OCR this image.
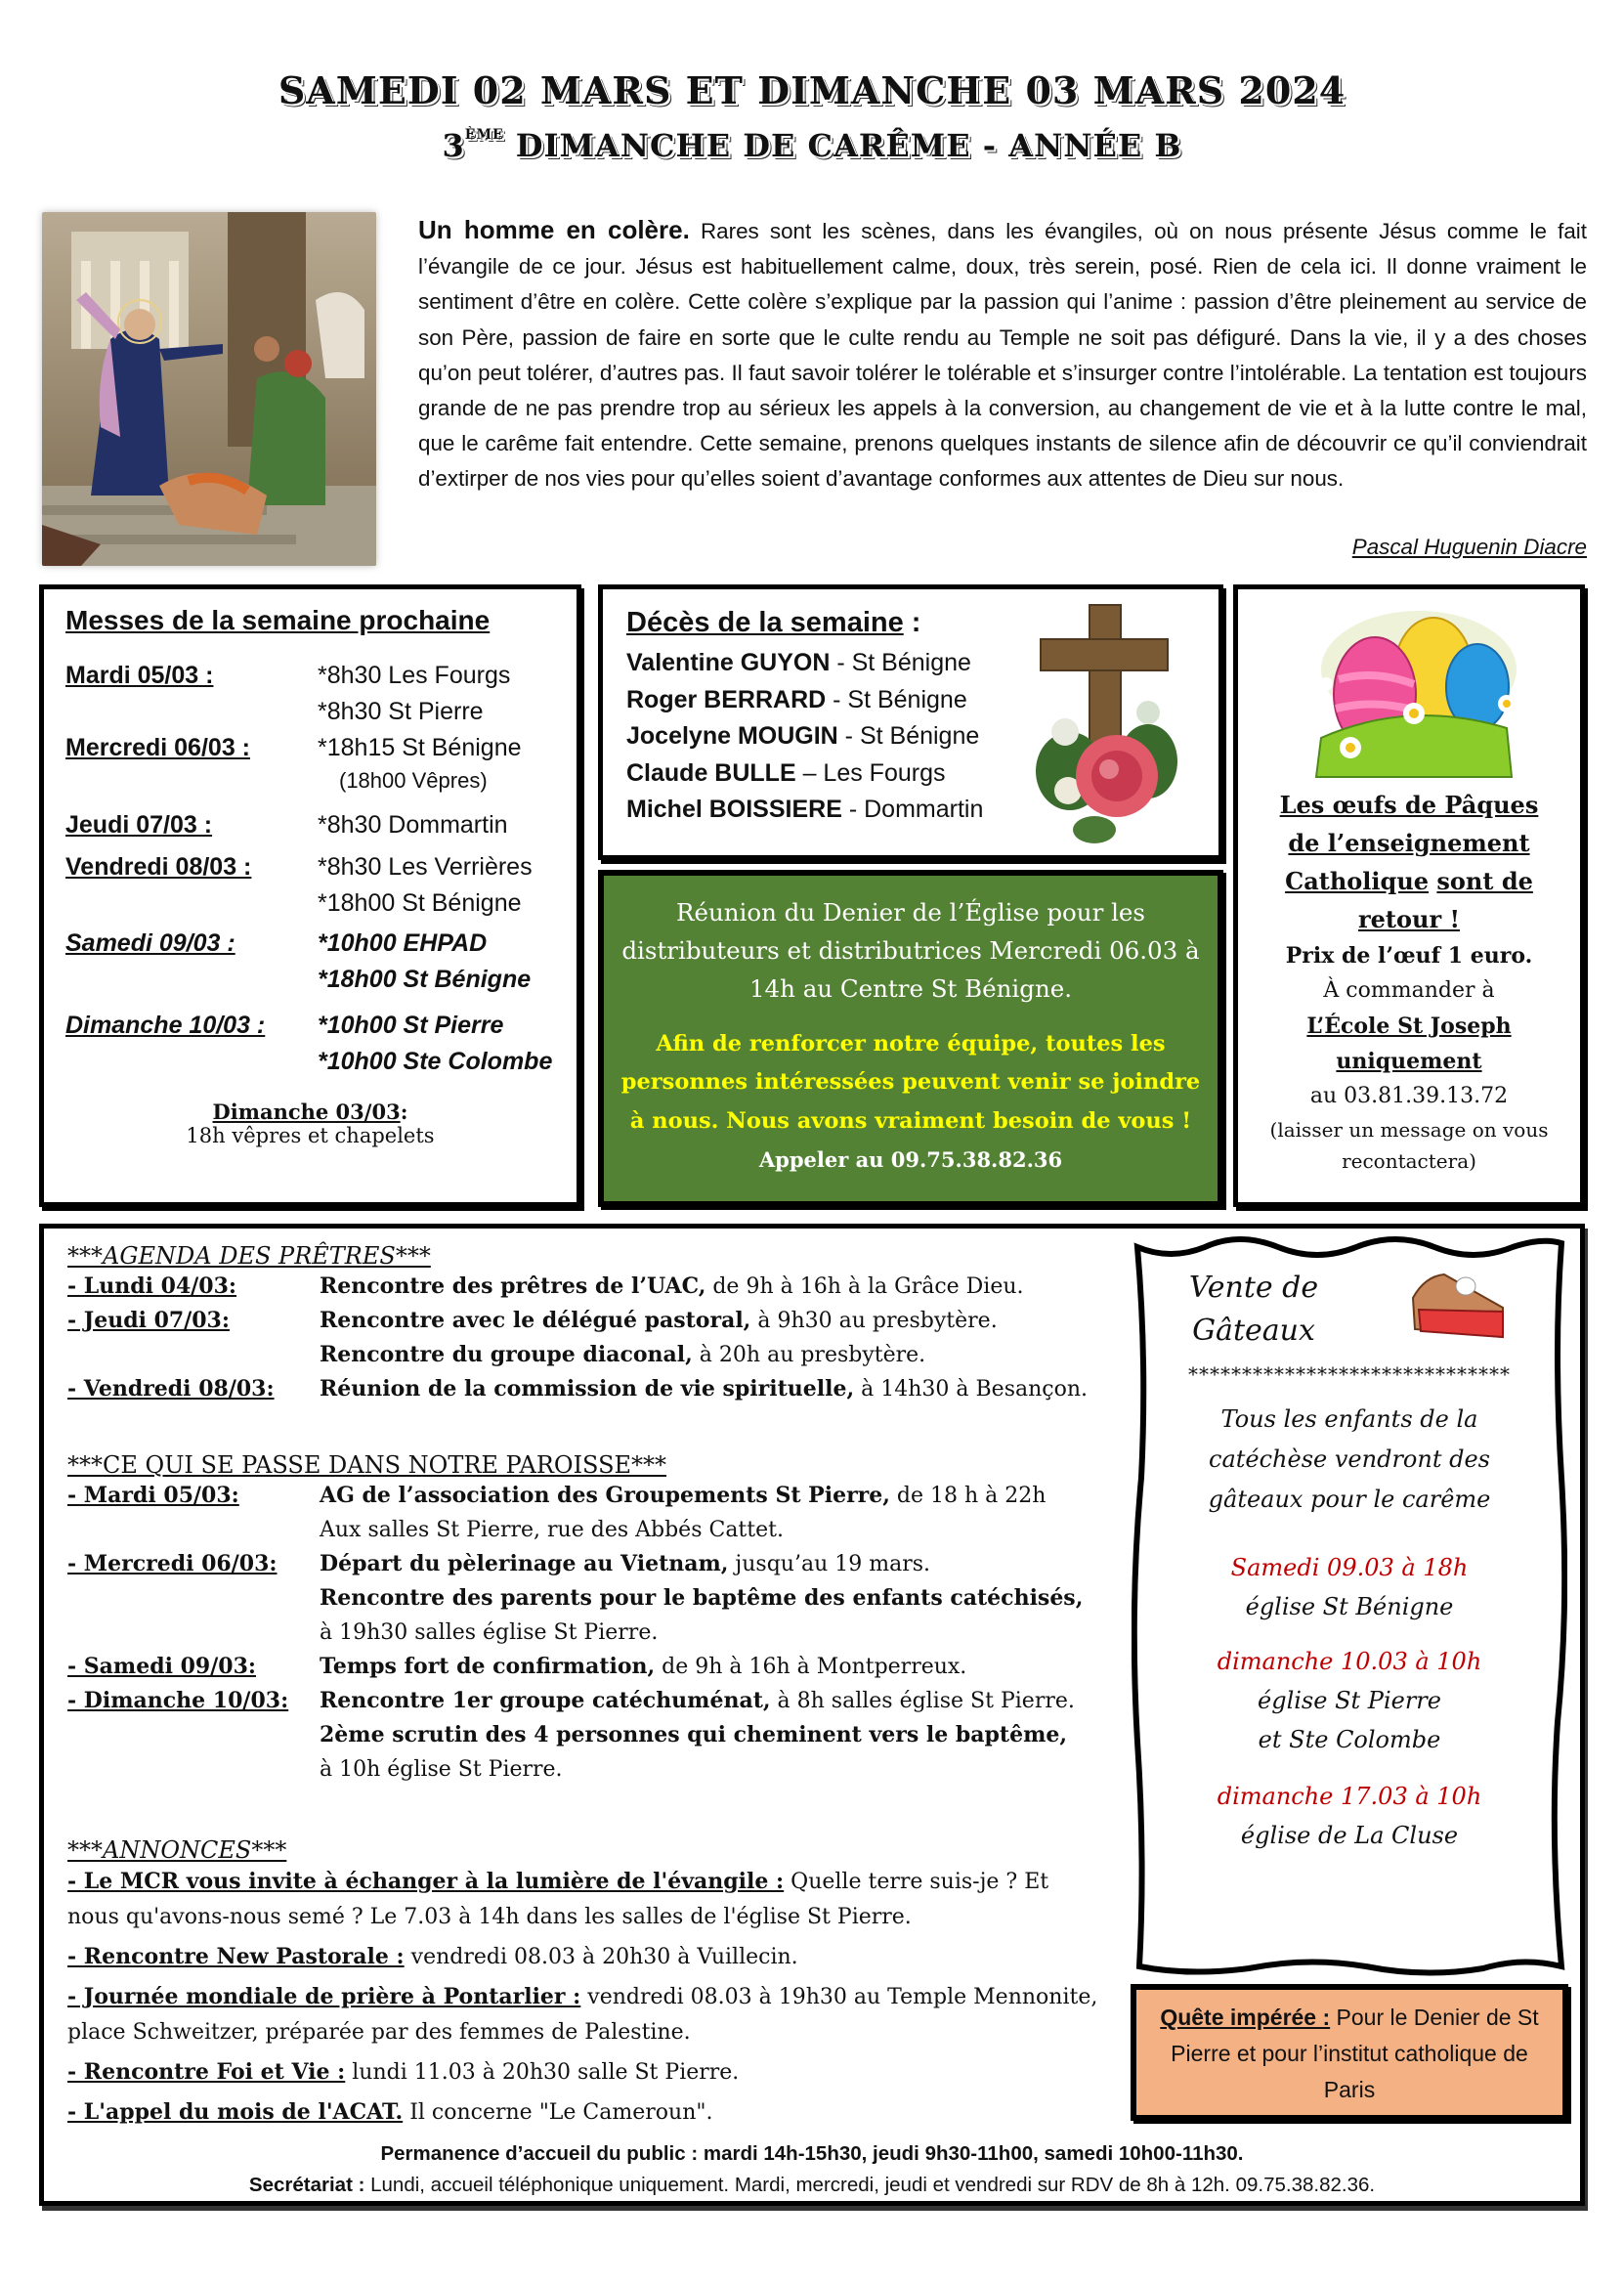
SAMEDI 02 MARS ET DIMANCHE 03 MARS 2024
3ÈME DIMANCHE DE CARÊME - ANNÉE B
Un homme en colère. Rares sont les scènes, dans les évangiles, où on nous présente Jésus comme le fait l’évangile de ce jour. Jésus est habituellement calme, doux, très serein, posé. Rien de cela ici. Il donne vraiment le sentiment d’être en colère. Cette colère s’explique par la passion qui l’anime : passion d’être pleinement au service de son Père, passion de faire en sorte que le culte rendu au Temple ne soit pas défiguré. Dans la vie, il y a des choses qu’on peut tolérer, d’autres pas. Il faut savoir tolérer le tolérable et s’insurger contre l’intolérable. La tentation est toujours grande de ne pas prendre trop au sérieux les appels à la conversion, au changement de vie et à la lutte contre le mal, que le carême fait entendre. Cette semaine, prenons quelques instants de silence afin de découvrir ce qu’il conviendrait d’extirper de nos vies pour qu’elles soient d’avantage conformes aux attentes de Dieu sur nous.
Pascal Huguenin Diacre
Messes de la semaine prochaine
Mardi 05/03 :	*8h30 Les Fourgs
*8h30 St Pierre
Mercredi 06/03 :	*18h15 St Bénigne
(18h00 Vêpres)
Jeudi 07/03 :	*8h30 Dommartin
Vendredi 08/03 :	*8h30 Les Verrières
*18h00 St Bénigne
Samedi 09/03 :	*10h00 EHPAD
*18h00 St Bénigne
Dimanche 10/03 :	*10h00 St Pierre
*10h00 Ste Colombe
Dimanche 03/03:
18h vêpres et chapelets
Décès de la semaine :
Valentine GUYON - St Bénigne
Roger BERRARD - St Bénigne
Jocelyne MOUGIN - St Bénigne
Claude BULLE – Les Fourgs
Michel BOISSIERE - Dommartin
Réunion du Denier de l’Église pour les distributeurs et distributrices Mercredi 06.03 à 14h au Centre St Bénigne.
Afin de renforcer notre équipe, toutes les personnes intéressées peuvent venir se joindre à nous. Nous avons vraiment besoin de vous ! Appeler au 09.75.38.82.36
Les œufs de Pâques
de l’enseignement
Catholique sont de
retour !
Prix de l’œuf 1 euro.
À commander à
L’École St Joseph
uniquement
au 03.81.39.13.72
(laisser un message on vous recontactera)
***AGENDA DES PRÊTRES***
- Lundi 04/03:	Rencontre des prêtres de l’UAC, de 9h à 16h à la Grâce Dieu.
- Jeudi 07/03:	Rencontre avec le délégué pastoral, à 9h30 au presbytère.
Rencontre du groupe diaconal, à 20h au presbytère.
- Vendredi 08/03:	Réunion de la commission de vie spirituelle, à 14h30 à Besançon.
***CE QUI SE PASSE DANS NOTRE PAROISSE***
- Mardi 05/03:	AG de l’association des Groupements St Pierre, de 18 h à 22h
Aux salles St Pierre, rue des Abbés Cattet.
- Mercredi 06/03:	Départ du pèlerinage au Vietnam, jusqu’au 19 mars.
Rencontre des parents pour le baptême des enfants catéchisés,
à 19h30 salles église St Pierre.
- Samedi 09/03:	Temps fort de confirmation, de 9h à 16h à Montperreux.
- Dimanche 10/03:	Rencontre 1er groupe catéchuménat, à 8h salles église St Pierre.
2ème scrutin des 4 personnes qui cheminent vers le baptême,
à 10h église St Pierre.
***ANNONCES***
- Le MCR vous invite à échanger à la lumière de l'évangile : Quelle terre suis-je ? Et nous qu'avons-nous semé ? Le 7.03 à 14h dans les salles de l'église St Pierre.
- Rencontre New Pastorale : vendredi 08.03 à 20h30 à Vuillecin.
- Journée mondiale de prière à Pontarlier : vendredi 08.03 à 19h30 au Temple Mennonite, place Schweitzer, préparée par des femmes de Palestine.
- Rencontre Foi et Vie : lundi 11.03 à 20h30 salle St Pierre.
- L'appel du mois de l'ACAT. Il concerne "Le Cameroun".
Permanence d’accueil du public : mardi 14h-15h30, jeudi 9h30-11h00, samedi 10h00-11h30.
Secrétariat : Lundi, accueil téléphonique uniquement. Mardi, mercredi, jeudi et vendredi sur RDV de 8h à 12h. 09.75.38.82.36.
Vente de
Gâteaux
******************************
Tous les enfants de la
catéchèse vendront des
gâteaux pour le carême
Samedi 09.03 à 18h
église St Bénigne
dimanche 10.03 à 10h
église St Pierre
et Ste Colombe
dimanche 17.03 à 10h
église de La Cluse
Quête impérée : Pour le Denier de St Pierre et pour l’institut catholique de Paris
